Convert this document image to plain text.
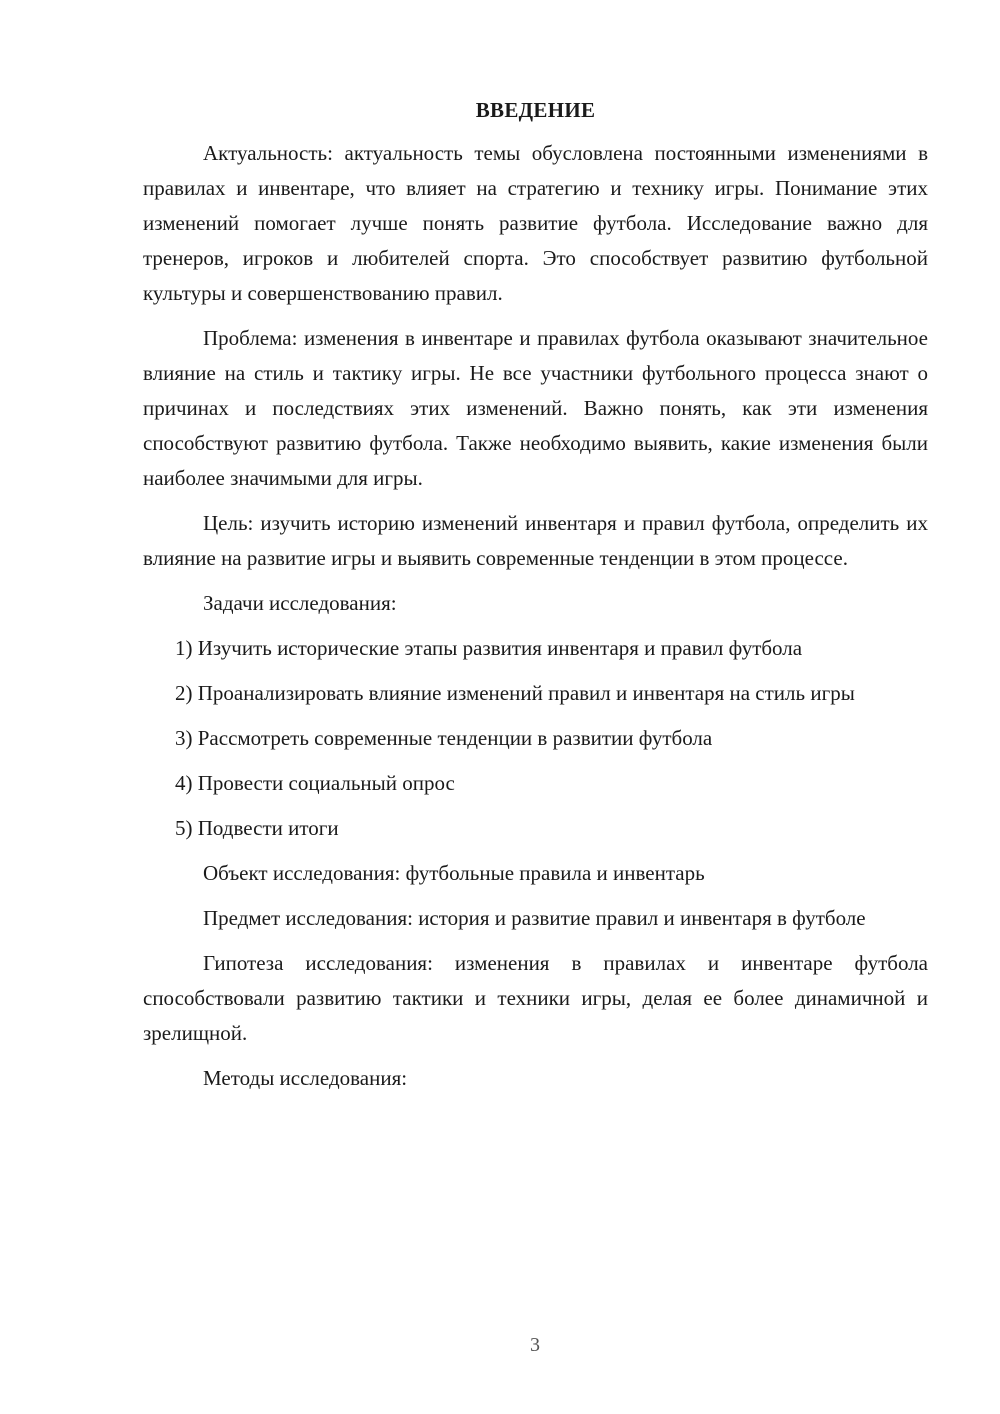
ВВЕДЕНИЕ

Актуальность: актуальность темы обусловлена постоянными изменениями в правилах и инвентаре, что влияет на стратегию и технику игры. Понимание этих изменений помогает лучше понять развитие футбола. Исследование важно для тренеров, игроков и любителей спорта. Это способствует развитию футбольной культуры и совершенствованию правил.

Проблема: изменения в инвентаре и правилах футбола оказывают значительное влияние на стиль и тактику игры. Не все участники футбольного процесса знают о причинах и последствиях этих изменений. Важно понять, как эти изменения способствуют развитию футбола. Также необходимо выявить, какие изменения были наиболее значимыми для игры.

Цель: изучить историю изменений инвентаря и правил футбола, определить их влияние на развитие игры и выявить современные тенденции в этом процессе.

Задачи исследования:

1) Изучить исторические этапы развития инвентаря и правил футбола

2) Проанализировать влияние изменений правил и инвентаря на стиль игры

3) Рассмотреть современные тенденции в развитии футбола

4) Провести социальный опрос

5) Подвести итоги

Объект исследования: футбольные правила и инвентарь

Предмет исследования: история и развитие правил и инвентаря в футболе

Гипотеза исследования: изменения в правилах и инвентаре футбола способствовали развитию тактики и техники игры, делая ее более динамичной и зрелищной.

Методы исследования:

3
